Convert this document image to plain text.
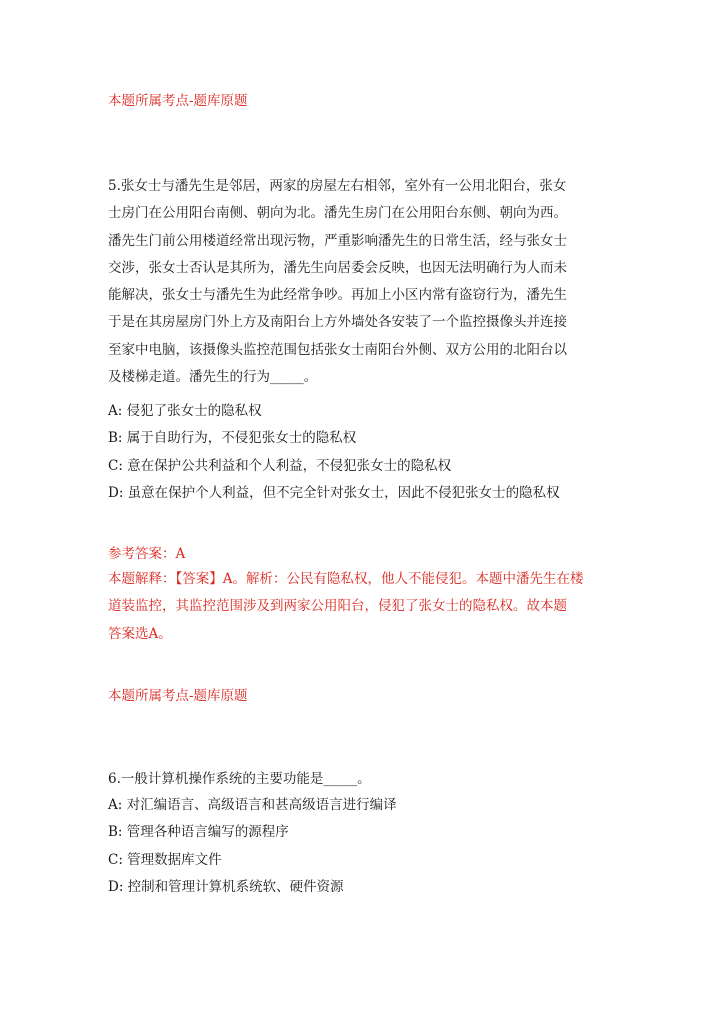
本题所属考点-题库原题
5.张女士与潘先生是邻居，两家的房屋左右相邻，室外有一公用北阳台，张女
士房门在公用阳台南侧、朝向为北。潘先生房门在公用阳台东侧、朝向为西。
潘先生门前公用楼道经常出现污物，严重影响潘先生的日常生活，经与张女士
交涉，张女士否认是其所为，潘先生向居委会反映，也因无法明确行为人而未
能解决，张女士与潘先生为此经常争吵。再加上小区内常有盗窃行为，潘先生
于是在其房屋房门外上方及南阳台上方外墙处各安装了一个监控摄像头并连接
至家中电脑，该摄像头监控范围包括张女士南阳台外侧、双方公用的北阳台以
及楼梯走道。潘先生的行为_____。
A: 侵犯了张女士的隐私权
B: 属于自助行为，不侵犯张女士的隐私权
C: 意在保护公共利益和个人利益，不侵犯张女士的隐私权
D: 虽意在保护个人利益，但不完全针对张女士，因此不侵犯张女士的隐私权
参考答案：A
本题解释：【答案】A。解析：公民有隐私权，他人不能侵犯。本题中潘先生在楼
道装监控，其监控范围涉及到两家公用阳台，侵犯了张女士的隐私权。故本题
答案选A。
本题所属考点-题库原题
6.一般计算机操作系统的主要功能是_____。
A: 对汇编语言、高级语言和甚高级语言进行编译
B: 管理各种语言编写的源程序
C: 管理数据库文件
D: 控制和管理计算机系统软、硬件资源
